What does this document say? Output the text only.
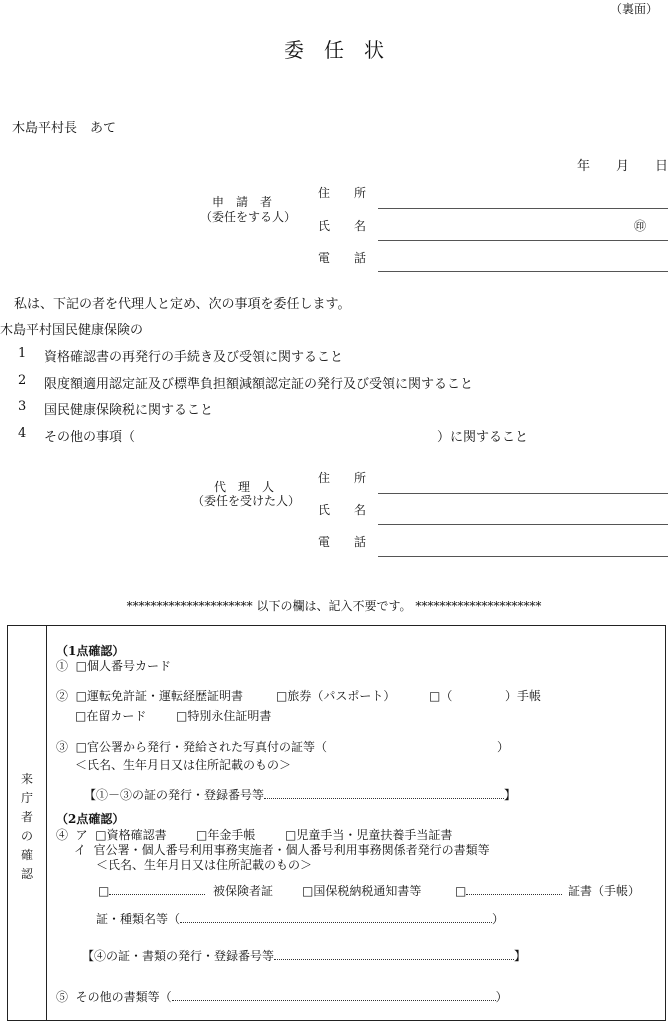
（裏面）
委　任　状
木島平村長　あて
年　　月　　日
申　請　者
（委任をする人）
住　　所
氏　　名	㊞
電　　話
私は、下記の者を代理人と定め、次の事項を委任します。
木島平村国民健康保険の
1 資格確認書の再発行の手続き及び受領に関すること
2 限度額適用認定証及び標準負担額減額認定証の発行及び受領に関すること
3 国民健康保険税に関すること
4 その他の事項（	）に関すること
代　理　人
（委任を受けた人）
住　　所
氏　　名
電　　話
********************* 以下の欄は、記入不要です。 *********************
来
庁
者
の
確
認
（1点確認）
①  □個人番号カード
②  □運転免許証・運転経歴証明書	□旅券（パスポート）	□（	）手帳
□在留カード □特別永住証明書
③  □官公署から発行・発給された写真付の証等（	）
＜氏名、生年月日又は住所記載のもの＞
【①－③の証の発行・登録番号等	】
（2点確認）
④  ア  □資格確認書 □年金手帳 □児童手当・児童扶養手当証書
イ  官公署・個人番号利用事務実施者・個人番号利用事務関係者発行の書類等
＜氏名、生年月日又は住所記載のもの＞
□	被保険者証 □国保税納税通知書等	□	証書（手帳）
証・種類名等（	）
【④の証・書類の発行・登録番号等	】
⑤  その他の書類等（	）
